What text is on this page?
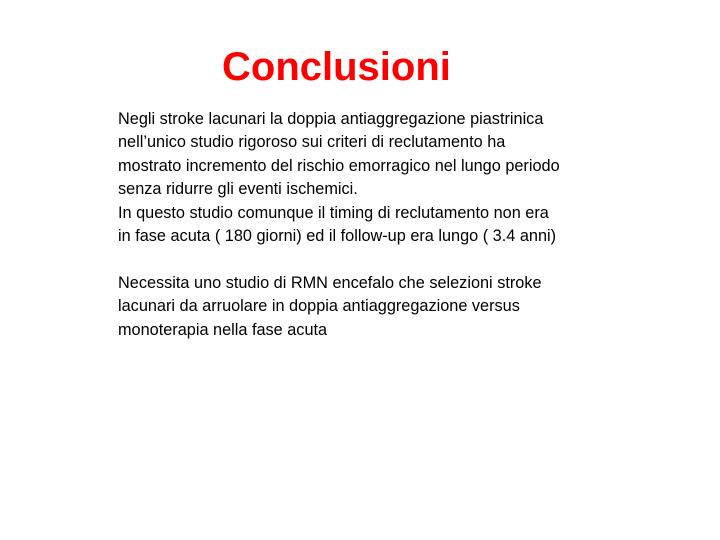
Conclusioni

Negli stroke lacunari la doppia antiaggregazione piastrinica
nell’unico studio rigoroso sui criteri di reclutamento ha
mostrato incremento del rischio emorragico nel lungo periodo
senza ridurre gli eventi ischemici.
In questo studio comunque il timing di reclutamento non era
in fase acuta ( 180 giorni) ed il follow-up era lungo ( 3.4 anni)

Necessita uno studio di RMN encefalo che selezioni stroke
lacunari da arruolare in doppia antiaggregazione versus
monoterapia nella fase acuta
